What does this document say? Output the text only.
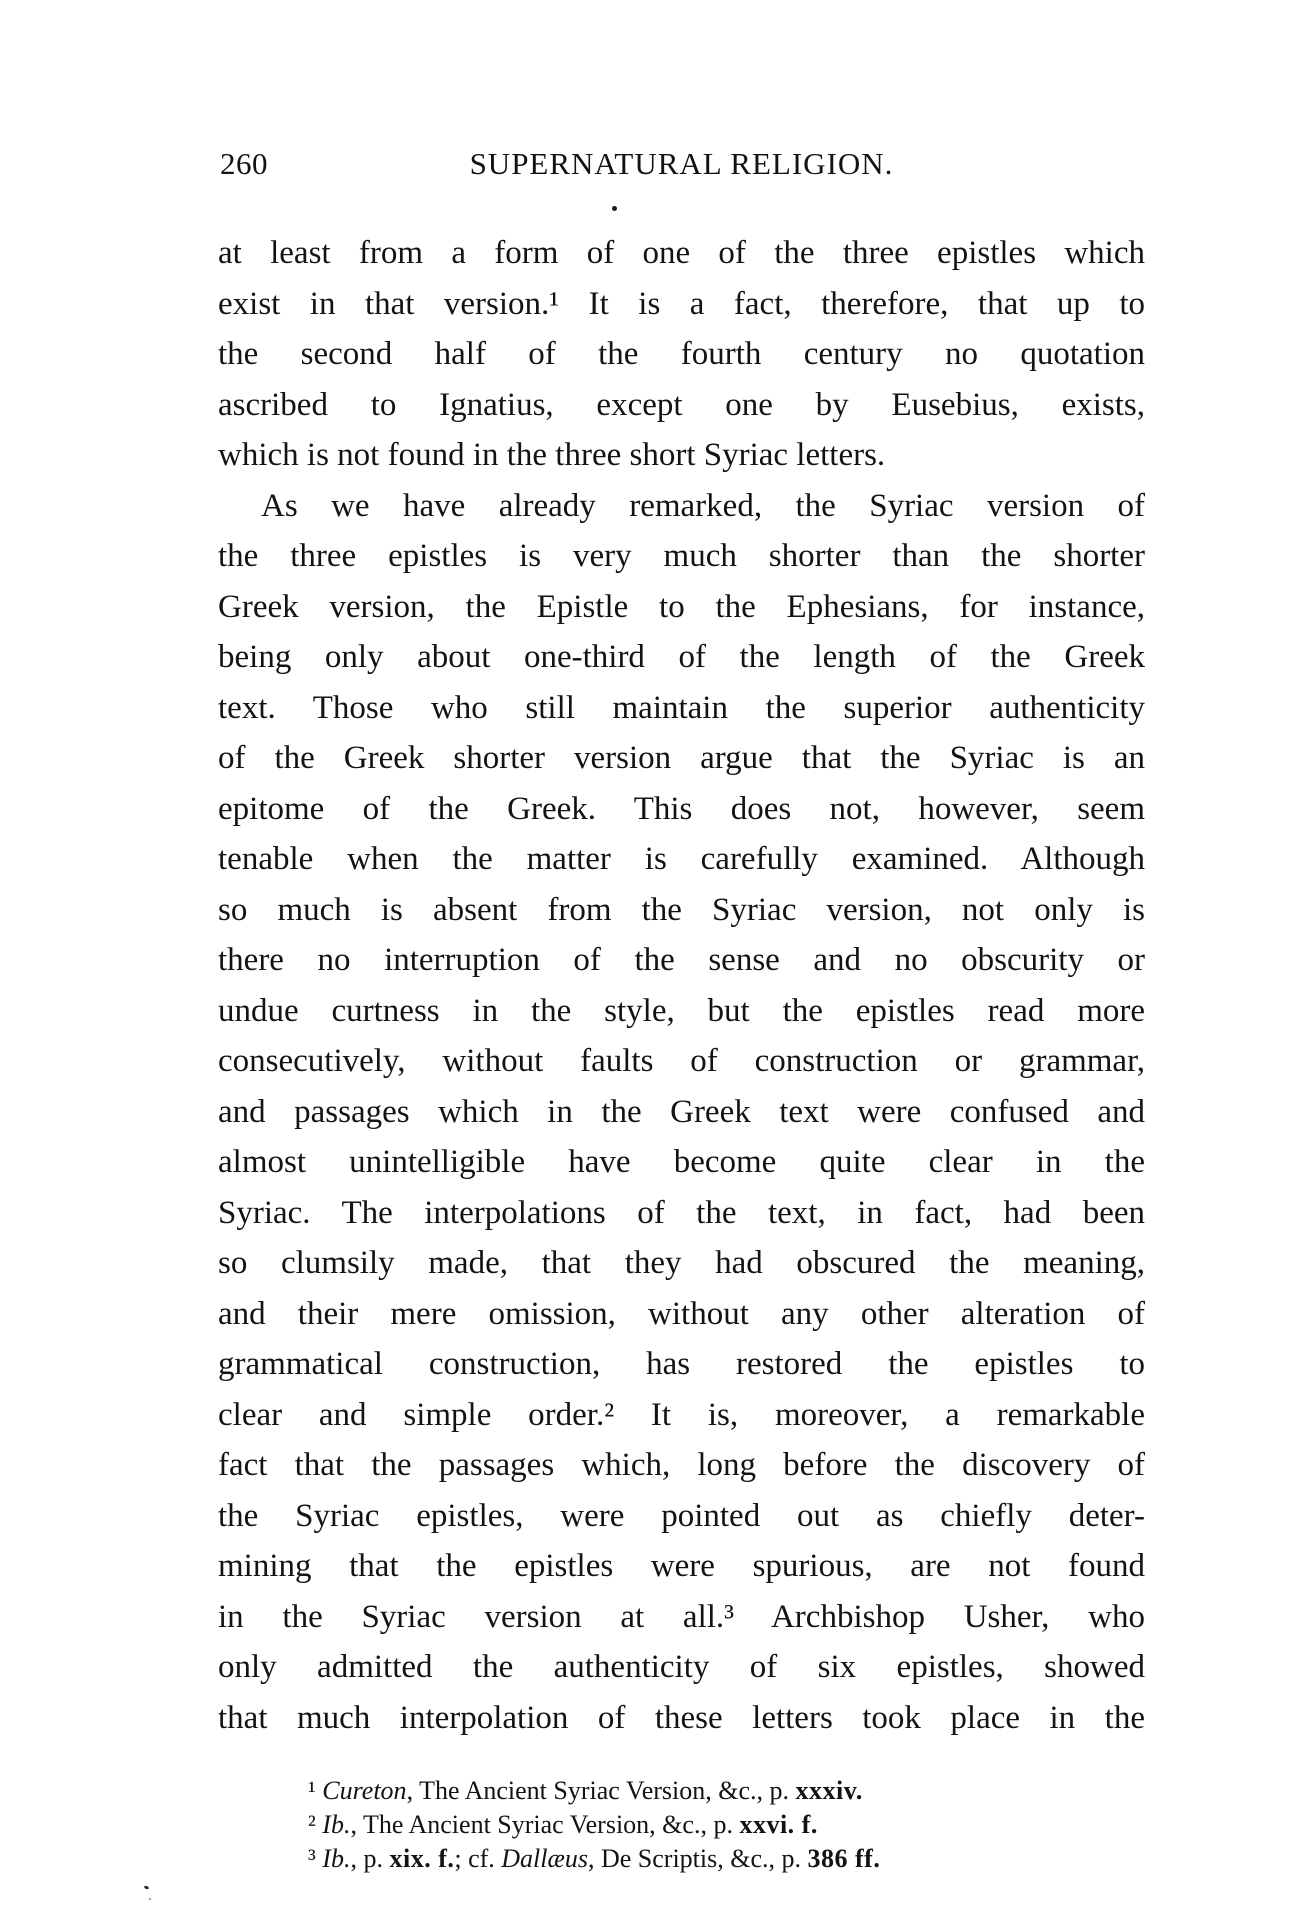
260	SUPERNATURAL RELIGION.
at least from a form of one of the three epistles which
exist in that version.¹ It is a fact, therefore, that up to
the second half of the fourth century no quotation
ascribed to Ignatius, except one by Eusebius, exists,
which is not found in the three short Syriac letters.
As we have already remarked, the Syriac version of
the three epistles is very much shorter than the shorter
Greek version, the Epistle to the Ephesians, for instance,
being only about one-third of the length of the Greek
text. Those who still maintain the superior authenticity
of the Greek shorter version argue that the Syriac is an
epitome of the Greek. This does not, however, seem
tenable when the matter is carefully examined. Although
so much is absent from the Syriac version, not only is
there no interruption of the sense and no obscurity or
undue curtness in the style, but the epistles read more
consecutively, without faults of construction or grammar,
and passages which in the Greek text were confused and
almost unintelligible have become quite clear in the
Syriac. The interpolations of the text, in fact, had been
so clumsily made, that they had obscured the meaning,
and their mere omission, without any other alteration of
grammatical construction, has restored the epistles to
clear and simple order.² It is, moreover, a remarkable
fact that the passages which, long before the discovery of
the Syriac epistles, were pointed out as chiefly deter-
mining that the epistles were spurious, are not found
in the Syriac version at all.³ Archbishop Usher, who
only admitted the authenticity of six epistles, showed
that much interpolation of these letters took place in the
¹ Cureton, The Ancient Syriac Version, &c., p. xxxiv.
² Ib., The Ancient Syriac Version, &c., p. xxvi. f.
³ Ib., p. xix. f.; cf. Dallæus, De Scriptis, &c., p. 386 ff.
